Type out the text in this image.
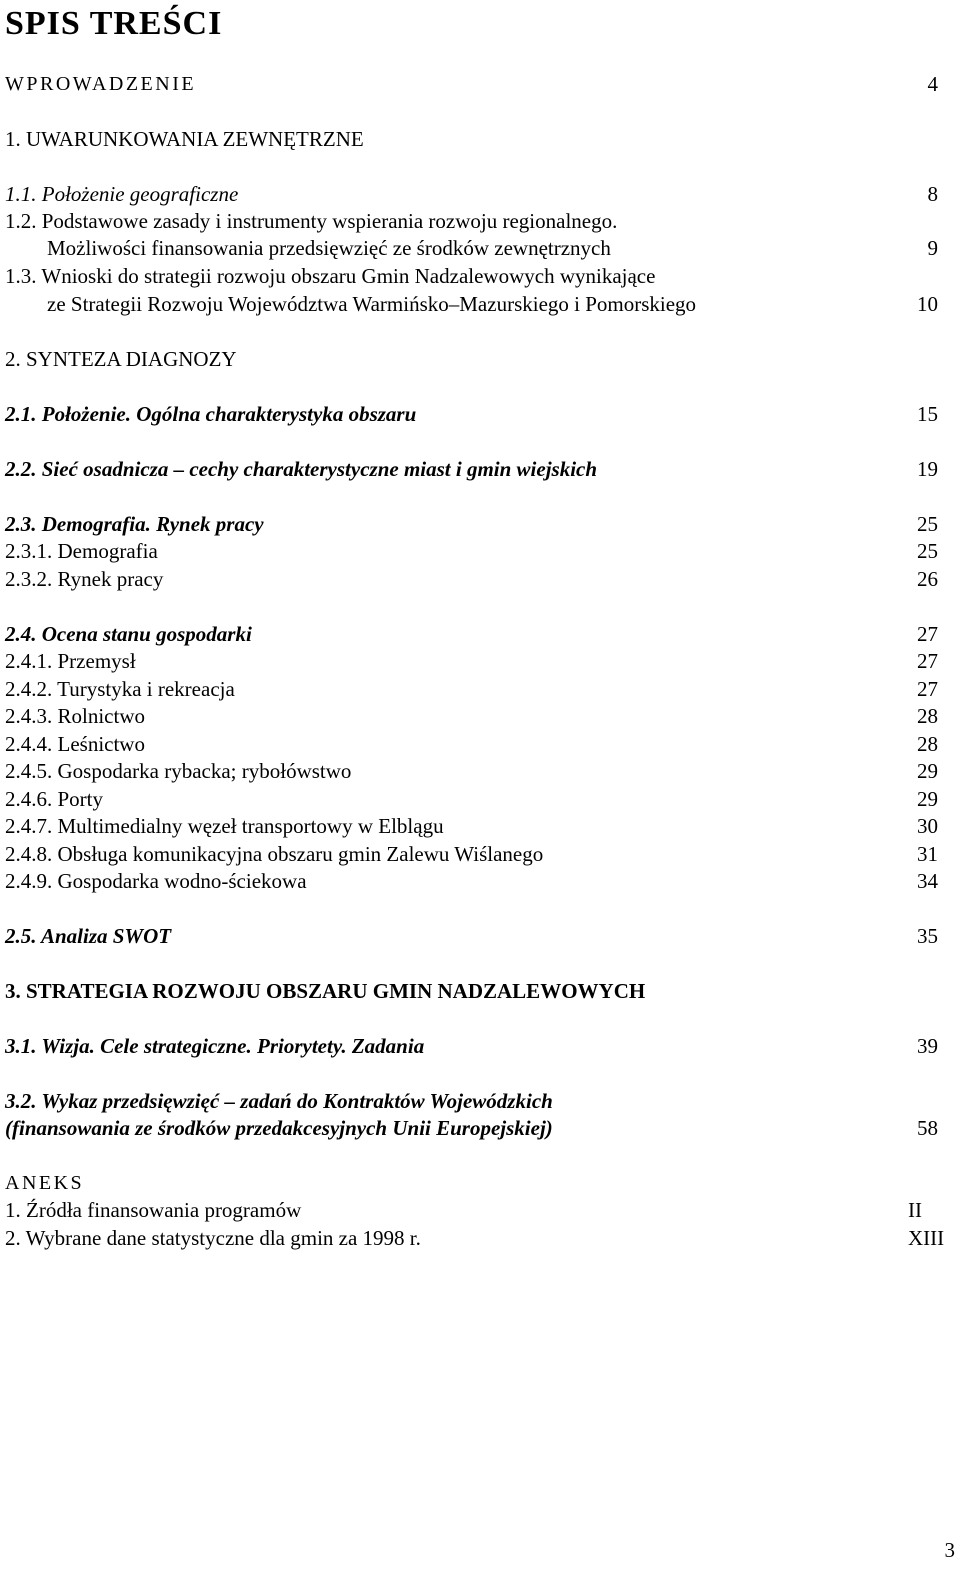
SPIS TREŚCI
WPROWADZENIE	4
1. UWARUNKOWANIA ZEWNĘTRZNE
1.1. Położenie geograficzne	8
1.2. Podstawowe zasady i instrumenty wspierania rozwoju regionalnego.
Możliwości finansowania przedsięwzięć ze środków zewnętrznych	9
1.3. Wnioski do strategii rozwoju obszaru Gmin Nadzalewowych wynikające
ze Strategii Rozwoju Województwa Warmińsko–Mazurskiego i Pomorskiego	10
2. SYNTEZA DIAGNOZY
2.1. Położenie. Ogólna charakterystyka obszaru	15
2.2. Sieć osadnicza – cechy charakterystyczne miast i gmin wiejskich	19
2.3. Demografia. Rynek pracy	25
2.3.1. Demografia	25
2.3.2. Rynek pracy	26
2.4. Ocena stanu gospodarki	27
2.4.1. Przemysł	27
2.4.2. Turystyka i rekreacja	27
2.4.3. Rolnictwo	28
2.4.4. Leśnictwo	28
2.4.5. Gospodarka rybacka; rybołówstwo	29
2.4.6. Porty	29
2.4.7. Multimedialny węzeł transportowy w Elblągu	30
2.4.8. Obsługa komunikacyjna obszaru gmin Zalewu Wiślanego	31
2.4.9. Gospodarka wodno-ściekowa	34
2.5. Analiza SWOT	35
3. STRATEGIA ROZWOJU OBSZARU GMIN NADZALEWOWYCH
3.1. Wizja. Cele strategiczne. Priorytety. Zadania	39
3.2. Wykaz przedsięwzięć – zadań do Kontraktów Wojewódzkich
(finansowania ze środków przedakcesyjnych Unii Europejskiej)	58
ANEKS
1. Źródła finansowania programów	II
2. Wybrane dane statystyczne dla gmin za 1998 r.	XIII
3
